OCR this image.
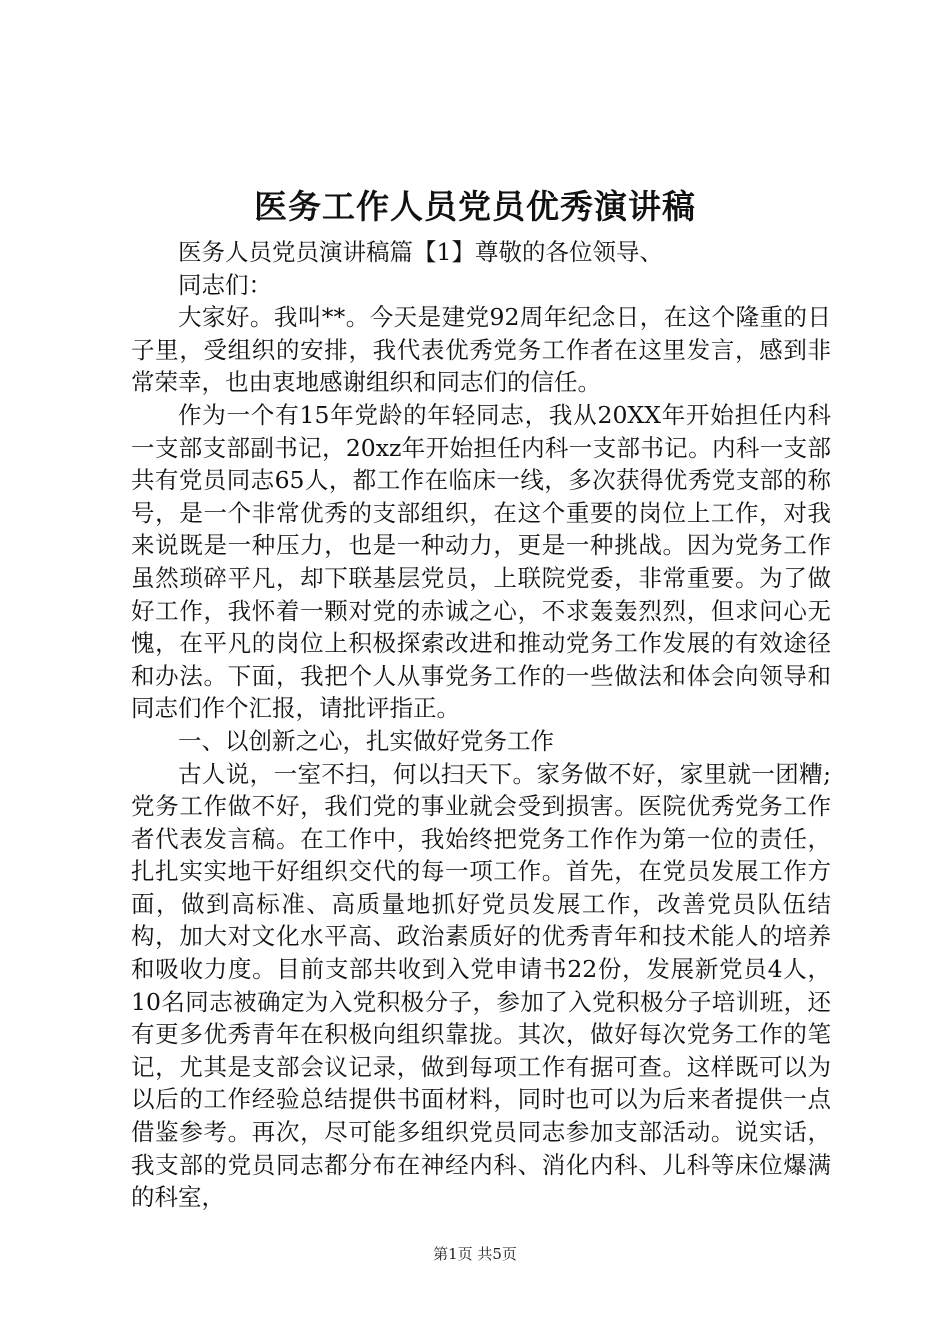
医务工作人员党员优秀演讲稿

医务人员党员演讲稿篇【1】尊敬的各位领导、

同志们：

大家好。我叫**。今天是建党92周年纪念日，在这个隆重的日子里，受组织的安排，我代表优秀党务工作者在这里发言，感到非常荣幸，也由衷地感谢组织和同志们的信任。

作为一个有15年党龄的年轻同志，我从20XX年开始担任内科一支部支部副书记，20xz年开始担任内科一支部书记。内科一支部共有党员同志65人，都工作在临床一线，多次获得优秀党支部的称号，是一个非常优秀的支部组织，在这个重要的岗位上工作，对我来说既是一种压力，也是一种动力，更是一种挑战。因为党务工作虽然琐碎平凡，却下联基层党员，上联院党委，非常重要。为了做好工作，我怀着一颗对党的赤诚之心，不求轰轰烈烈，但求问心无愧，在平凡的岗位上积极探索改进和推动党务工作发展的有效途径和办法。下面，我把个人从事党务工作的一些做法和体会向领导和同志们作个汇报，请批评指正。

一、以创新之心，扎实做好党务工作

古人说，一室不扫，何以扫天下。家务做不好，家里就一团糟;党务工作做不好，我们党的事业就会受到损害。医院优秀党务工作者代表发言稿。在工作中，我始终把党务工作作为第一位的责任，扎扎实实地干好组织交代的每一项工作。首先，在党员发展工作方面，做到高标准、高质量地抓好党员发展工作，改善党员队伍结构，加大对文化水平高、政治素质好的优秀青年和技术能人的培养和吸收力度。目前支部共收到入党申请书22份，发展新党员4人，10名同志被确定为入党积极分子，参加了入党积极分子培训班，还有更多优秀青年在积极向组织靠拢。其次，做好每次党务工作的笔记，尤其是支部会议记录，做到每项工作有据可查。这样既可以为以后的工作经验总结提供书面材料，同时也可以为后来者提供一点借鉴参考。再次，尽可能多组织党员同志参加支部活动。说实话，我支部的党员同志都分布在神经内科、消化内科、儿科等床位爆满的科室，

第1页 共5页
